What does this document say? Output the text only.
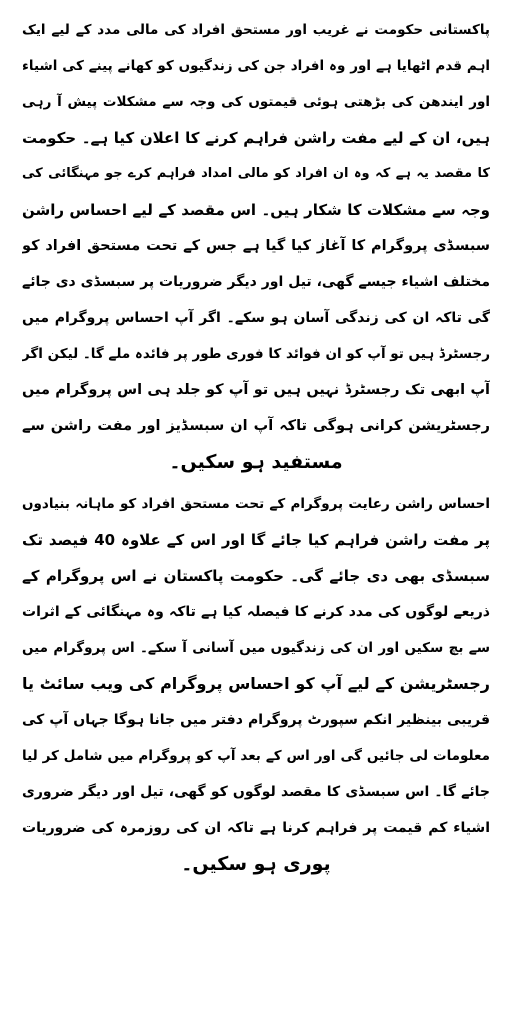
پاکستانی حکومت نے غریب اور مستحق افراد کی مالی مدد کے لیے ایک
اہم قدم اٹھایا ہے اور وہ افراد جن کی زندگیوں کو کھانے پینے کی اشیاء
اور ایندھن کی بڑھتی ہوئی قیمتوں کی وجہ سے مشکلات پیش آ رہی
ہیں، ان کے لیے مفت راشن فراہم کرنے کا اعلان کیا ہے۔ حکومت
کا مقصد یہ ہے کہ وہ ان افراد کو مالی امداد فراہم کرے جو مہنگائی کی
وجہ سے مشکلات کا شکار ہیں۔ اس مقصد کے لیے احساس راشن
سبسڈی پروگرام کا آغاز کیا گیا ہے جس کے تحت مستحق افراد کو
مختلف اشیاء جیسے گھی، تیل اور دیگر ضروریات پر سبسڈی دی جائے
گی تاکہ ان کی زندگی آسان ہو سکے۔ اگر آپ احساس پروگرام میں
رجسٹرڈ ہیں تو آپ کو ان فوائد کا فوری طور پر فائدہ ملے گا۔ لیکن اگر
آپ ابھی تک رجسٹرڈ نہیں ہیں تو آپ کو جلد ہی اس پروگرام میں
رجسٹریشن کرانی ہوگی تاکہ آپ ان سبسڈیز اور مفت راشن سے
مستفید ہو سکیں۔
احساس راشن رعایت پروگرام کے تحت مستحق افراد کو ماہانہ بنیادوں
پر مفت راشن فراہم کیا جائے گا اور اس کے علاوہ 40 فیصد تک
سبسڈی بھی دی جائے گی۔ حکومت پاکستان نے اس پروگرام کے
ذریعے لوگوں کی مدد کرنے کا فیصلہ کیا ہے تاکہ وہ مہنگائی کے اثرات
سے بچ سکیں اور ان کی زندگیوں میں آسانی آ سکے۔ اس پروگرام میں
رجسٹریشن کے لیے آپ کو احساس پروگرام کی ویب سائٹ یا
قریبی بینظیر انکم سپورٹ پروگرام دفتر میں جانا ہوگا جہاں آپ کی
معلومات لی جائیں گی اور اس کے بعد آپ کو پروگرام میں شامل کر لیا
جائے گا۔ اس سبسڈی کا مقصد لوگوں کو گھی، تیل اور دیگر ضروری
اشیاء کم قیمت پر فراہم کرنا ہے تاکہ ان کی روزمرہ کی ضروریات
پوری ہو سکیں۔
